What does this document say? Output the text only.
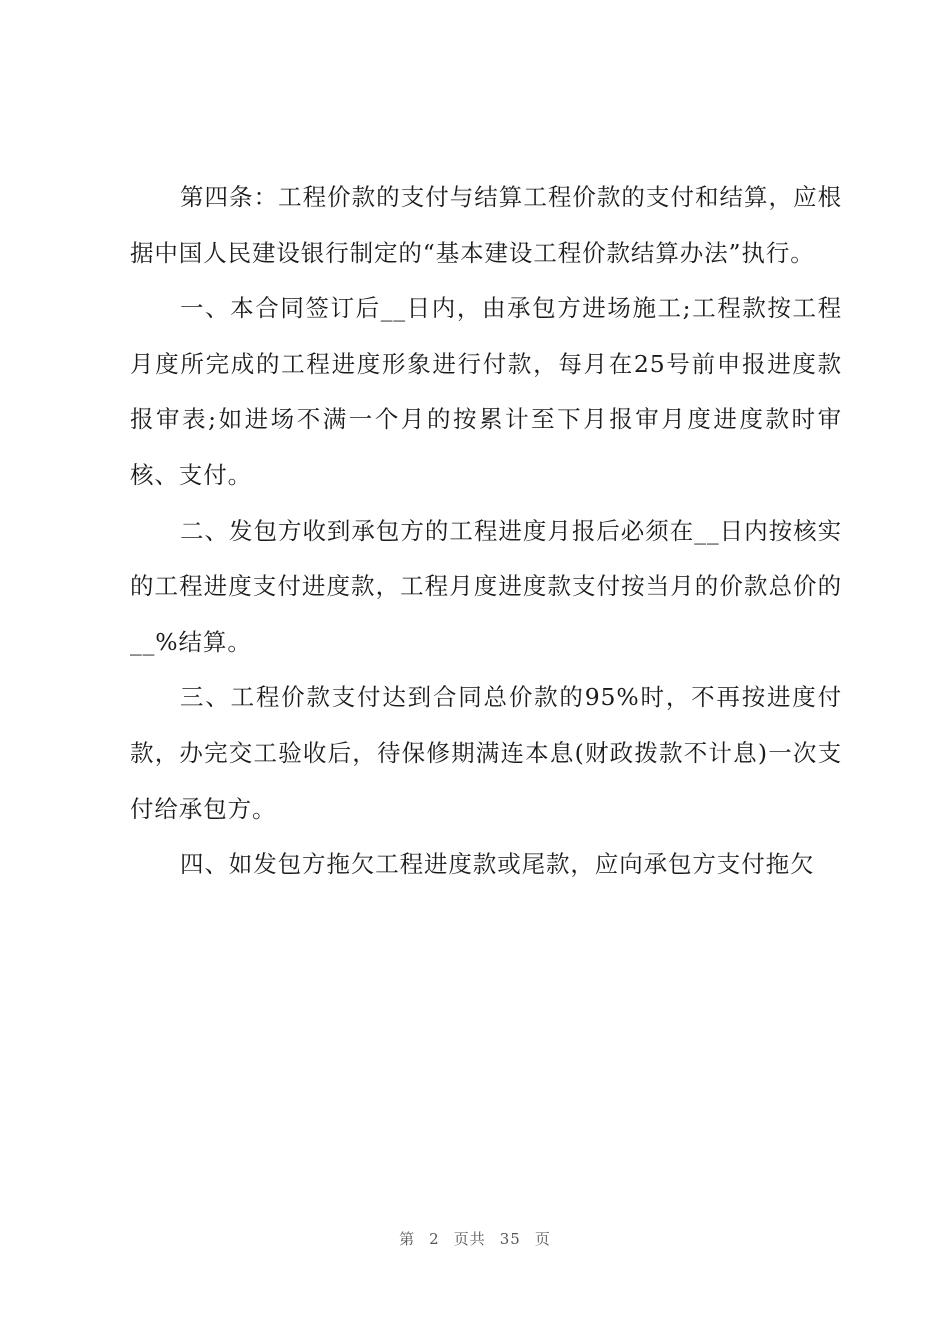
第四条：工程价款的支付与结算工程价款的支付和结算，应根据中国人民建设银行制定的“基本建设工程价款结算办法”执行。

一、本合同签订后__日内，由承包方进场施工;工程款按工程月度所完成的工程进度形象进行付款，每月在25号前申报进度款报审表;如进场不满一个月的按累计至下月报审月度进度款时审核、支付。

二、发包方收到承包方的工程进度月报后必须在__日内按核实的工程进度支付进度款，工程月度进度款支付按当月的价款总价的__%结算。

三、工程价款支付达到合同总价款的95%时，不再按进度付款，办完交工验收后，待保修期满连本息(财政拨款不计息)一次支付给承包方。

四、如发包方拖欠工程进度款或尾款，应向承包方支付拖欠

第 2 页共 35 页
